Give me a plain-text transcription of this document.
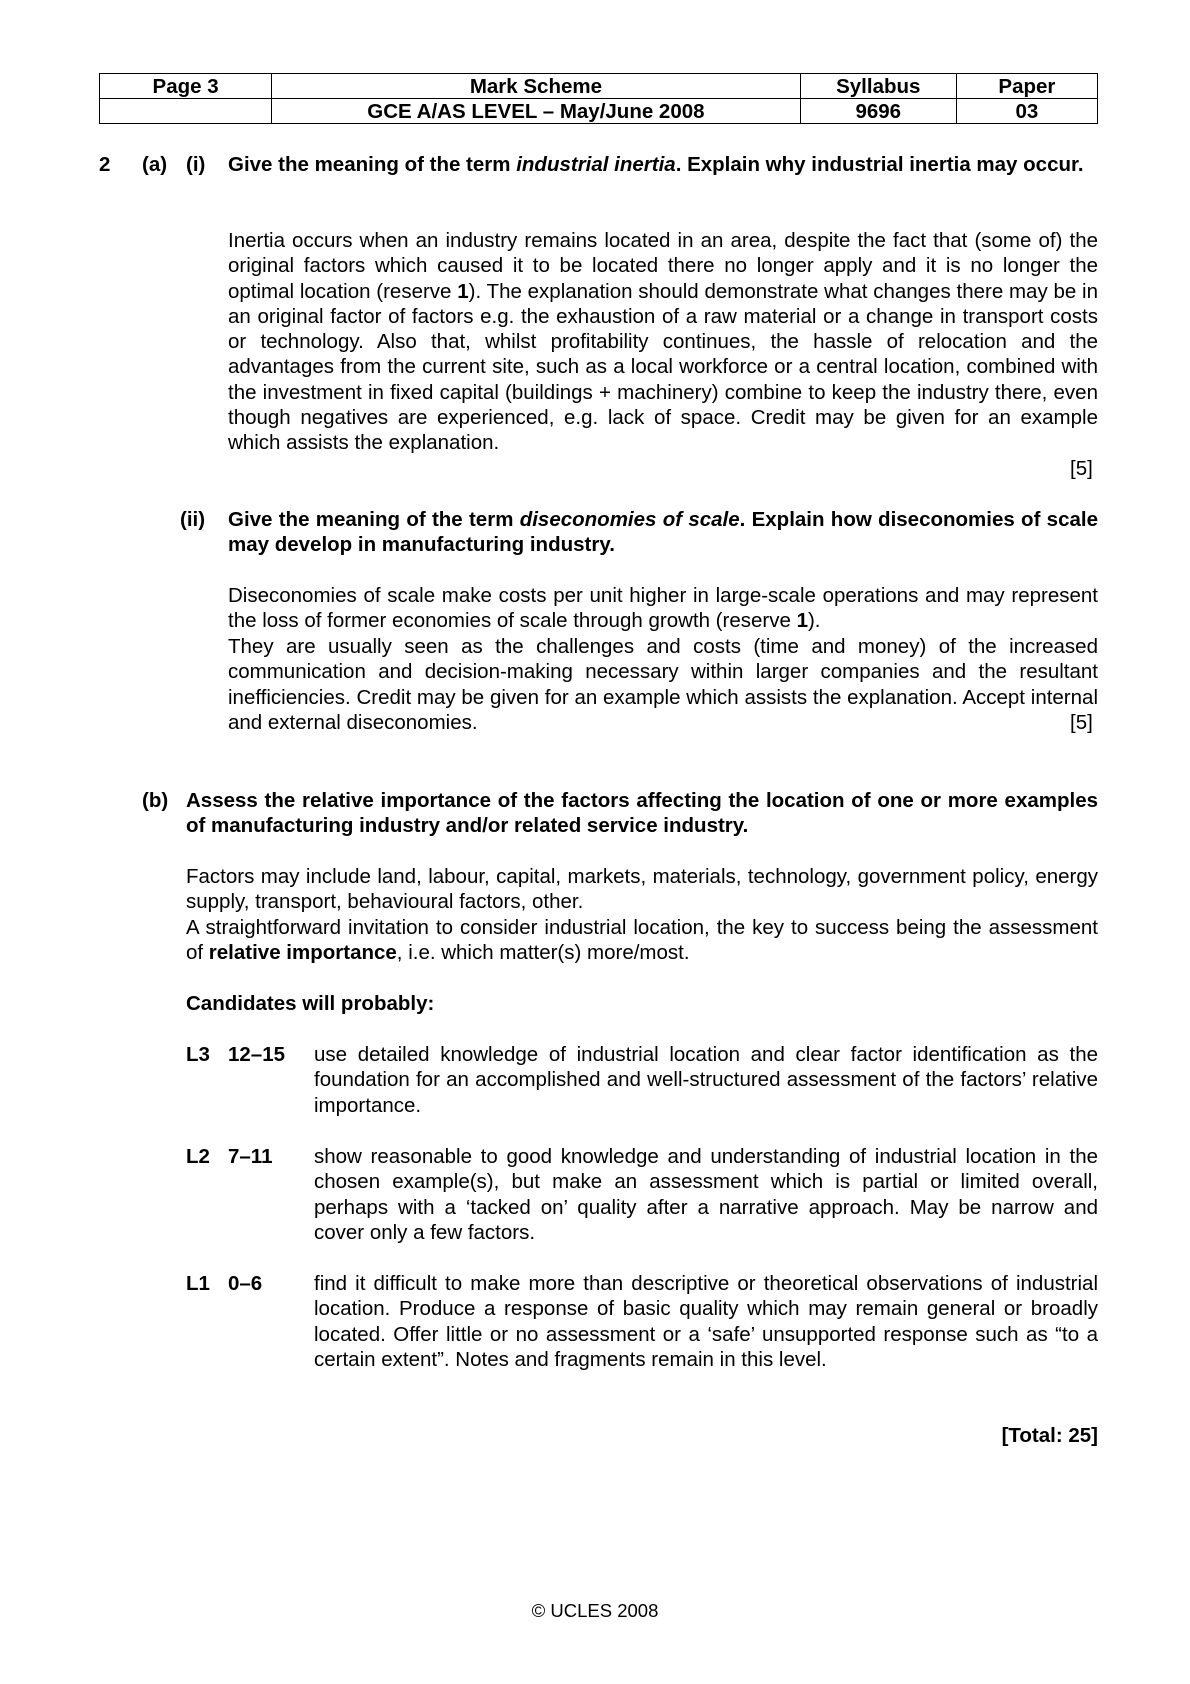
Page 3	Mark Scheme	Syllabus	Paper
	GCE A/AS LEVEL – May/June 2008	9696	03
2 (a) (i) Give the meaning of the term industrial inertia. Explain why industrial inertia may occur.
Inertia occurs when an industry remains located in an area, despite the fact that (some of) the original factors which caused it to be located there no longer apply and it is no longer the optimal location (reserve 1). The explanation should demonstrate what changes there may be in an original factor of factors e.g. the exhaustion of a raw material or a change in transport costs or technology. Also that, whilst profitability continues, the hassle of relocation and the advantages from the current site, such as a local workforce or a central location, combined with the investment in fixed capital (buildings + machinery) combine to keep the industry there, even though negatives are experienced, e.g. lack of space. Credit may be given for an example which assists the explanation.
[5]
(ii) Give the meaning of the term diseconomies of scale. Explain how diseconomies of scale may develop in manufacturing industry.
Diseconomies of scale make costs per unit higher in large-scale operations and may represent the loss of former economies of scale through growth (reserve 1).
They are usually seen as the challenges and costs (time and money) of the increased communication and decision-making necessary within larger companies and the resultant inefficiencies. Credit may be given for an example which assists the explanation. Accept internal and external diseconomies.	[5]
(b) Assess the relative importance of the factors affecting the location of one or more examples of manufacturing industry and/or related service industry.
Factors may include land, labour, capital, markets, materials, technology, government policy, energy supply, transport, behavioural factors, other.
A straightforward invitation to consider industrial location, the key to success being the assessment of relative importance, i.e. which matter(s) more/most.
Candidates will probably:
L3 12–15 use detailed knowledge of industrial location and clear factor identification as the foundation for an accomplished and well-structured assessment of the factors’ relative importance.
L2 7–11 show reasonable to good knowledge and understanding of industrial location in the chosen example(s), but make an assessment which is partial or limited overall, perhaps with a ‘tacked on’ quality after a narrative approach. May be narrow and cover only a few factors.
L1 0–6	find it difficult to make more than descriptive or theoretical observations of industrial location. Produce a response of basic quality which may remain general or broadly located. Offer little or no assessment or a ‘safe’ unsupported response such as “to a certain extent”. Notes and fragments remain in this level.
[Total: 25]
© UCLES 2008
